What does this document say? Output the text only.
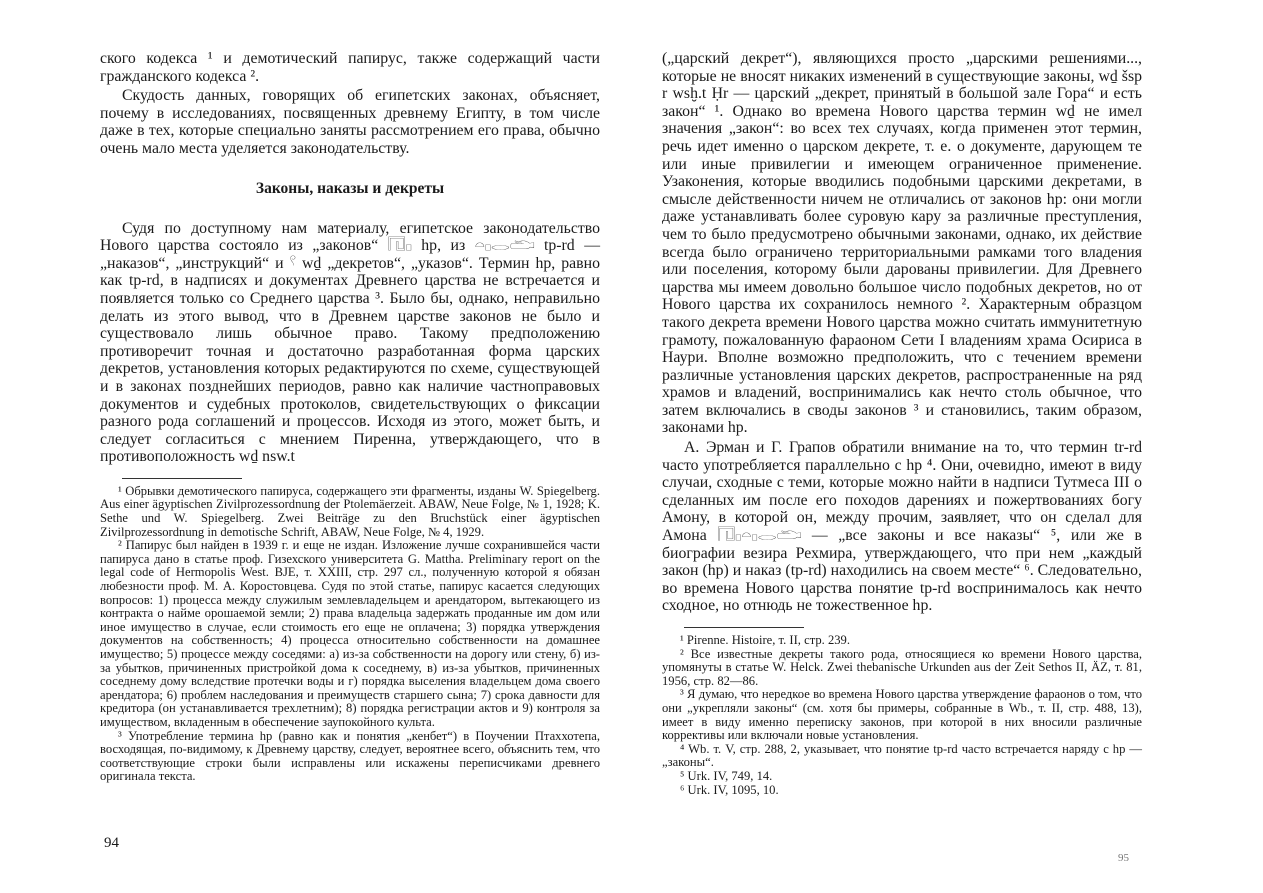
ского кодекса ¹ и демотический папирус, также содержащий части гражданского кодекса ².

Скудость данных, говорящих об египетских законах, объясняет, почему в исследованиях, посвященных древнему Египту, в том числе даже в тех, которые специально заняты рассмотрением его права, обычно очень мало места уделяется законодательству.

Законы, наказы и декреты

Судя по доступному нам материалу, египетское законодательство Нового царства состояло из „законов“ 𓉔𓊪 hp, из 𓏏𓊪𓂋𓂧 tp-rd — „наказов“, „инструкций“ и 𓍢 wḏ „декретов“, „указов“. Термин hp, равно как tp-rd, в надписях и документах Древнего царства не встречается и появляется только со Среднего царства ³. Было бы, однако, неправильно делать из этого вывод, что в Древнем царстве законов не было и существовало лишь обычное право. Такому предположению противоречит точная и достаточно разработанная форма царских декретов, установления которых редактируются по схеме, существующей и в законах позднейших периодов, равно как наличие частноправовых документов и судебных протоколов, свидетельствующих о фиксации разного рода соглашений и процессов. Исходя из этого, может быть, и следует согласиться с мнением Пиренна, утверждающего, что в противоположность wḏ nsw.t

¹ Обрывки демотического папируса, содержащего эти фрагменты, изданы W. Spiegelberg. Aus einer ägyptischen Zivilprozessordnung der Ptolemäerzeit. ABAW, Neue Folge, № 1, 1928; K. Sethe und W. Spiegelberg. Zwei Beiträge zu den Bruchstück einer ägyptischen Zivilprozessordnung in demotische Schrift, ABAW, Neue Folge, № 4, 1929.

² Папирус был найден в 1939 г. и еще не издан. Изложение лучше сохранившейся части папируса дано в статье проф. Гизехского университета G. Mattha. Preliminary report on the legal code of Hermopolis West. BJE, т. XXIII, стр. 297 сл., полученную которой я обязан любезности проф. М. А. Коростовцева. Судя по этой статье, папирус касается следующих вопросов: 1) процесса между служилым землевладельцем и арендатором, вытекающего из контракта о найме орошаемой земли; 2) права владельца задержать проданные им дом или иное имущество в случае, если стоимость его еще не оплачена; 3) порядка утверждения документов на собственность; 4) процесса относительно собственности на домашнее имущество; 5) процессе между соседями: а) из-за собственности на дорогу или стену, б) из-за убытков, причиненных пристройкой дома к соседнему, в) из-за убытков, причиненных соседнему дому вследствие протечки воды и г) порядка выселения владельцем дома своего арендатора; 6) проблем наследования и преимуществ старшего сына; 7) срока давности для кредитора (он устанавливается трехлетним); 8) порядка регистрации актов и 9) контроля за имуществом, вкладенным в обеспечение заупокойного культа.

³ Употребление термина hp (равно как и понятия „кенбет“) в Поучении Птаххотепа, восходящая, по-видимому, к Древнему царству, следует, вероятнее всего, объяснить тем, что соответствующие строки были исправлены или искажены переписчиками древнего оригинала текста.

94

(„царский декрет“), являющихся просто „царскими решениями..., которые не вносят никаких изменений в существующие законы, wḏ šsp r wsḫ.t Ḥr — царский „декрет, принятый в большой зале Гора“ и есть закон“ ¹. Однако во времена Нового царства термин wḏ не имел значения „закон“: во всех тех случаях, когда применен этот термин, речь идет именно о царском декрете, т. е. о документе, дарующем те или иные привилегии и имеющем ограниченное применение. Узаконения, которые вводились подобными царскими декретами, в смысле действенности ничем не отличались от законов hp: они могли даже устанавливать более суровую кару за различные преступления, чем то было предусмотрено обычными законами, однако, их действие всегда было ограничено территориальными рамками того владения или поселения, которому были дарованы привилегии. Для Древнего царства мы имеем довольно большое число подобных декретов, но от Нового царства их сохранилось немного ². Характерным образцом такого декрета времени Нового царства можно считать иммунитетную грамоту, пожалованную фараоном Сети I владениям храма Осириса в Наури. Вполне возможно предположить, что с течением времени различные установления царских декретов, распространенные на ряд храмов и владений, воспринимались как нечто столь обычное, что затем включались в своды законов ³ и становились, таким образом, законами hp.

А. Эрман и Г. Грапов обратили внимание на то, что термин tr-rd часто употребляется параллельно с hp ⁴. Они, очевидно, имеют в виду случаи, сходные с теми, которые можно найти в надписи Тутмеса III о сделанных им после его походов дарениях и пожертвованиях богу Амону, в которой он, между прочим, заявляет, что он сделал для Амона 𓉔𓊪𓏏𓊪𓂋𓂧 — „все законы и все наказы“ ⁵, или же в биографии везира Рехмира, утверждающего, что при нем „каждый закон (hp) и наказ (tp-rd) находились на своем месте“ ⁶. Следовательно, во времена Нового царства понятие tp-rd воспринималось как нечто сходное, но отнюдь не тожественное hp.

¹ Pirenne. Histoire, т. II, стр. 239.

² Все известные декреты такого рода, относящиеся ко времени Нового царства, упомянуты в статье W. Helck. Zwei thebanische Urkunden aus der Zeit Sethos II, ÄZ, т. 81, 1956, стр. 82—86.

³ Я думаю, что нередкое во времена Нового царства утверждение фараонов о том, что они „укрепляли законы“ (см. хотя бы примеры, собранные в Wb., т. II, стр. 488, 13), имеет в виду именно переписку законов, при которой в них вносили различные коррективы или включали новые установления.

⁴ Wb. т. V, стр. 288, 2, указывает, что понятие tp-rd часто встречается наряду с hp — „законы“.

⁵ Urk. IV, 749, 14.

⁶ Urk. IV, 1095, 10.

95
